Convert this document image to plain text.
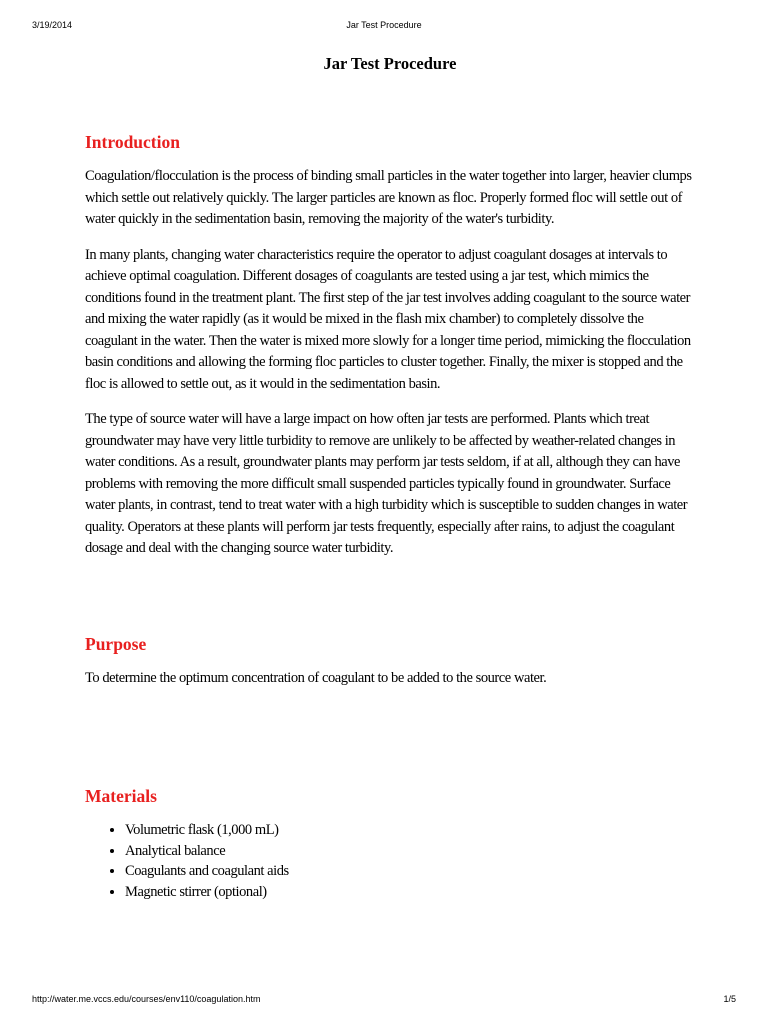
3/19/2014	Jar Test Procedure
Jar Test Procedure
Introduction

Coagulation/flocculation is the process of binding small particles in the water together into larger, heavier clumps which settle out relatively quickly. The larger particles are known as floc. Properly formed floc will settle out of water quickly in the sedimentation basin, removing the majority of the water's turbidity.

In many plants, changing water characteristics require the operator to adjust coagulant dosages at intervals to achieve optimal coagulation. Different dosages of coagulants are tested using a jar test, which mimics the conditions found in the treatment plant. The first step of the jar test involves adding coagulant to the source water and mixing the water rapidly (as it would be mixed in the flash mix chamber) to completely dissolve the coagulant in the water. Then the water is mixed more slowly for a longer time period, mimicking the flocculation basin conditions and allowing the forming floc particles to cluster together. Finally, the mixer is stopped and the floc is allowed to settle out, as it would in the sedimentation basin.

The type of source water will have a large impact on how often jar tests are performed. Plants which treat groundwater may have very little turbidity to remove are unlikely to be affected by weather-related changes in water conditions. As a result, groundwater plants may perform jar tests seldom, if at all, although they can have problems with removing the more difficult small suspended particles typically found in groundwater. Surface water plants, in contrast, tend to treat water with a high turbidity which is susceptible to sudden changes in water quality. Operators at these plants will perform jar tests frequently, especially after rains, to adjust the coagulant dosage and deal with the changing source water turbidity.

Purpose

To determine the optimum concentration of coagulant to be added to the source water.

Materials
• Volumetric flask (1,000 mL)
• Analytical balance
• Coagulants and coagulant aids
• Magnetic stirrer (optional)
http://water.me.vccs.edu/courses/env110/coagulation.htm	1/5
